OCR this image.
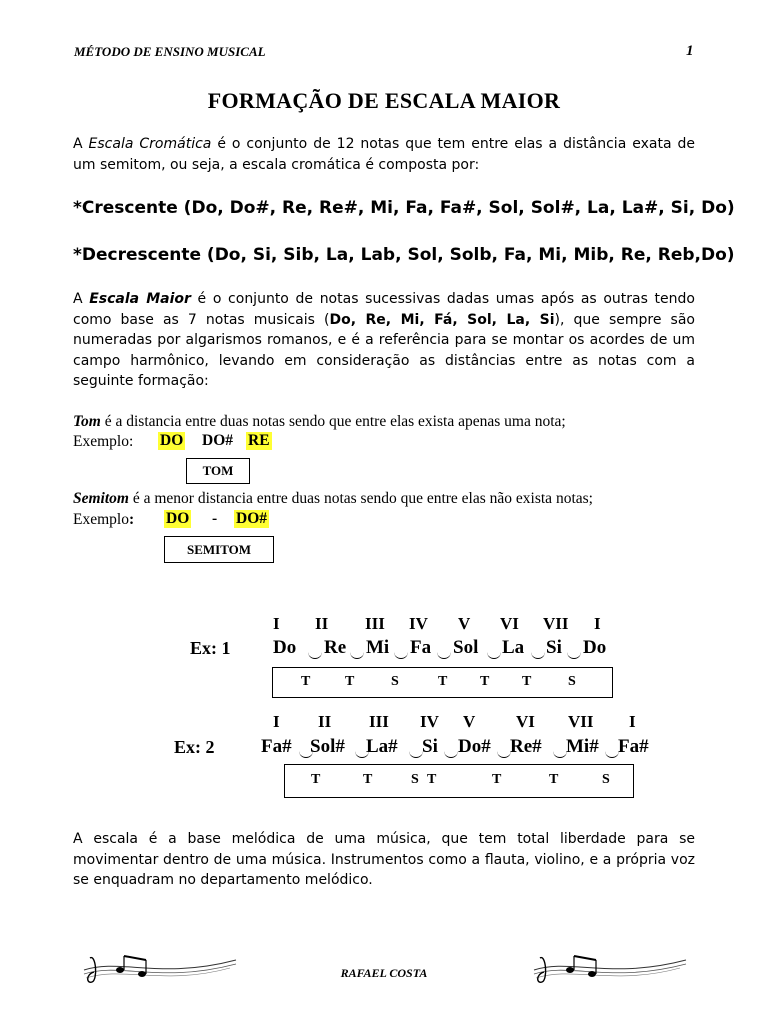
MÉTODO DE ENSINO MUSICAL	1
FORMAÇÃO DE ESCALA MAIOR
A Escala Cromática é o conjunto de 12 notas que tem entre elas a distância exata de um semitom, ou seja, a escala cromática é composta por:
*Crescente (Do, Do#, Re, Re#, Mi, Fa, Fa#, Sol, Sol#, La, La#, Si, Do)
*Decrescente (Do, Si, Sib, La, Lab, Sol, Solb, Fa, Mi, Mib, Re, Reb,Do)
A Escala Maior é o conjunto de notas sucessivas dadas umas após as outras tendo como base as 7 notas musicais (Do, Re, Mi, Fá, Sol, La, Si), que sempre são numeradas por algarismos romanos, e é a referência para se montar os acordes de um campo harmônico, levando em consideração as distâncias entre as notas com a seguinte formação:
Tom é a distancia entre duas notas sendo que entre elas exista apenas uma nota;
Exemplo: DO DO# RE
TOM
Semitom é a menor distancia entre duas notas sendo que entre elas não exista notas;
Exemplo: DO - DO#
SEMITOM
I II III IV V VI VII I
Ex: 1 Do Re Mi Fa Sol La Si Do
T T	S	T T T	S
I II III IV V VI VII I
Ex: 2 Fa# Sol# La# Si Do# Re# Mi# Fa#
T	T	S T	T	T	S
A escala é a base melódica de uma música, que tem total liberdade para se movimentar dentro de uma música. Instrumentos como a flauta, violino, e a própria voz se enquadram no departamento melódico.
RAFAEL COSTA
